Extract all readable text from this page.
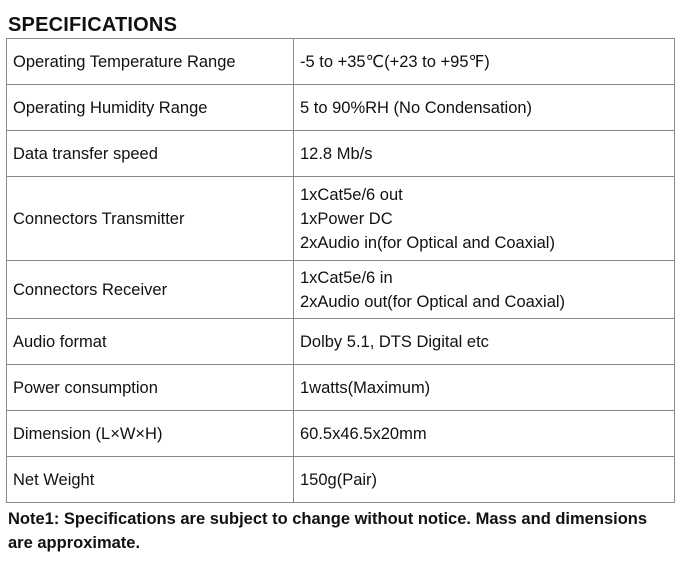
SPECIFICATIONS
Operating Temperature Range	-5 to +35℃(+23 to +95℉)

Operating Humidity Range	5 to 90%RH (No Condensation)

Data transfer speed	12.8 Mb/s

Connectors Transmitter	1xCat5e/6 out
1xPower DC
2xAudio in(for Optical and Coaxial)

Connectors Receiver	1xCat5e/6 in
2xAudio out(for Optical and Coaxial)

Audio format	Dolby 5.1, DTS Digital etc

Power consumption	1watts(Maximum)

Dimension (L×W×H)	60.5x46.5x20mm

Net Weight	150g(Pair)
Note1: Specifications are subject to change without notice. Mass and dimensions are approximate.
